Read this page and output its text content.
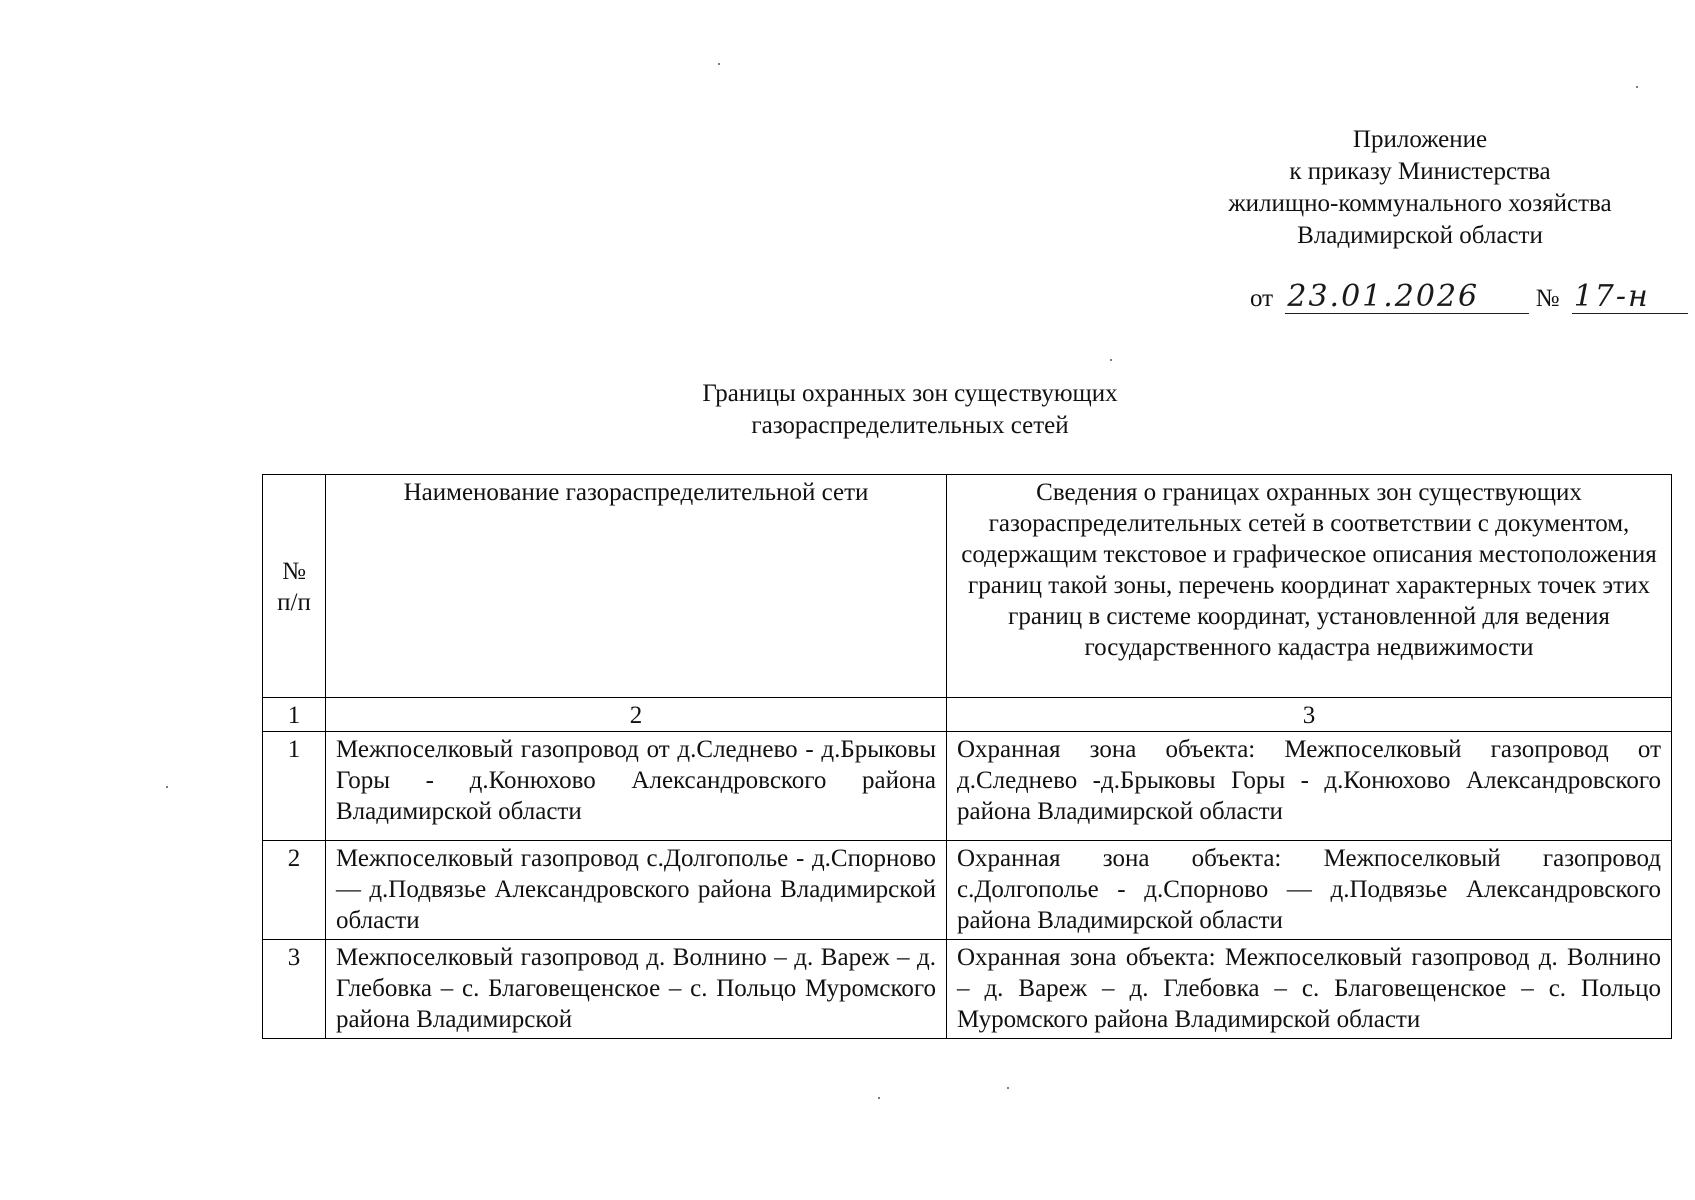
Приложение
к приказу Министерства
жилищно-коммунального хозяйства
Владимирской области
от 23.01.2026 № 17-н
Границы охранных зон существующих
газораспределительных сетей
№ п/п	Наименование газораспределительной сети	Сведения о границах охранных зон существующих газораспределительных сетей в соответствии с документом, содержащим текстовое и графическое описания местоположения границ такой зоны, перечень координат характерных точек этих границ в системе координат, установленной для ведения государственного кадастра недвижимости
1	2	3
1	Межпоселковый газопровод от д.Следнево - д.Брыковы Горы - д.Конюхово Александровского района Владимирской области	Охранная зона объекта: Межпоселковый газопровод от д.Следнево -д.Брыковы Горы - д.Конюхово Александровского района Владимирской области
2	Межпоселковый газопровод с.Долгополье - д.Спорново — д.Подвязье Александровского района Владимирской области	Охранная зона объекта: Межпоселковый газопровод с.Долгополье - д.Спорново — д.Подвязье Александровского района Владимирской области
3	Межпоселковый газопровод д. Волнино – д. Вареж – д. Глебовка – с. Благовещенское – с. Польцо Муромского района Владимирской	Охранная зона объекта: Межпоселковый газопровод д. Волнино – д. Вареж – д. Глебовка – с. Благовещенское – с. Польцо Муромского района Владимирской области
